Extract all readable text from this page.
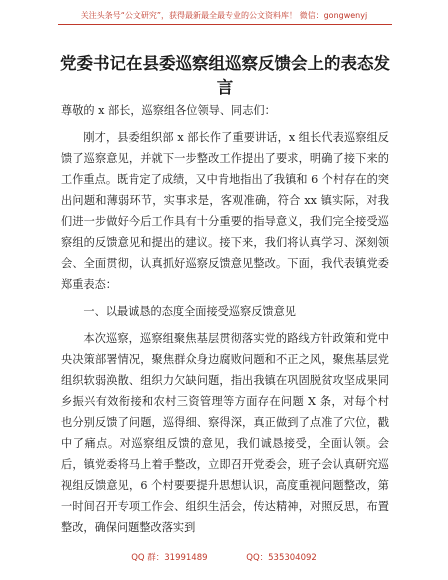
关注头条号“公文研究”，获得最新最全最专业的公文资料库！ 微信：gongwenyj
党委书记在县委巡察组巡察反馈会上的表态发言

尊敬的 x 部长，巡察组各位领导、同志们：

刚才，县委组织部 x 部长作了重要讲话，x 组长代表巡察组反馈了巡察意见，并就下一步整改工作提出了要求，明确了接下来的工作重点。既肯定了成绩，又中肯地指出了我镇和 6 个村存在的突出问题和薄弱环节，实事求是，客观准确，符合 xx 镇实际，对我们进一步做好今后工作具有十分重要的指导意义，我们完全接受巡察组的反馈意见和提出的建议。接下来，我们将认真学习、深刻领会、全面贯彻，认真抓好巡察反馈意见整改。下面，我代表镇党委郑重表态：

一、以最诚恳的态度全面接受巡察反馈意见

本次巡察，巡察组聚焦基层贯彻落实党的路线方针政策和党中央决策部署情况，聚焦群众身边腐败问题和不正之风，聚焦基层党组织软弱涣散、组织力欠缺问题，指出我镇在巩固脱贫攻坚成果同乡振兴有效衔接和农村三资管理等方面存在问题 X 条，对每个村也分别反馈了问题，巡得细、察得深，真正做到了点准了穴位，戳中了痛点。对巡察组反馈的意见，我们诚恳接受，全面认领。会后，镇党委将马上着手整改，立即召开党委会，班子会认真研究巡视组反馈意见，6 个村要要提升思想认识，高度重视问题整改，第一时间召开专项工作会、组织生活会，传达精神，对照反思，布置整改，确保问题整改落实到

QQ 群：31991489	QQ：535304092
